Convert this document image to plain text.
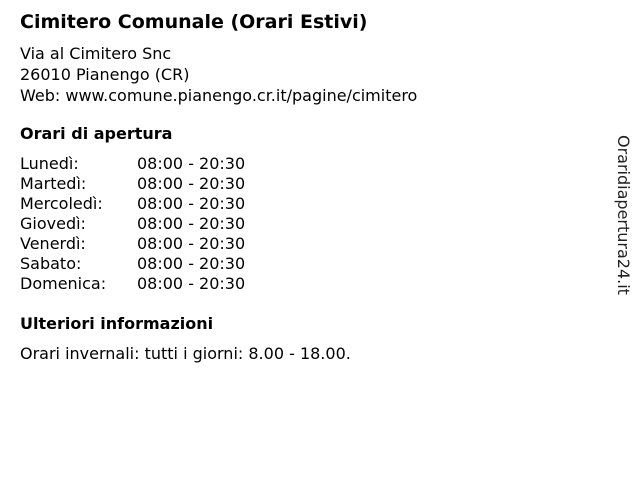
Cimitero Comunale (Orari Estivi)
Via al Cimitero Snc
26010 Pianengo (CR)
Web: www.comune.pianengo.cr.it/pagine/cimitero
Orari di apertura
Lunedì:	08:00 - 20:30
Martedì:	08:00 - 20:30
Mercoledì: 08:00 - 20:30
Giovedì:	08:00 - 20:30
Venerdì:	08:00 - 20:30
Sabato:	08:00 - 20:30
Domenica: 08:00 - 20:30
Ulteriori informazioni
Orari invernali: tutti i giorni: 8.00 - 18.00.
Oraridiapertura24.it
